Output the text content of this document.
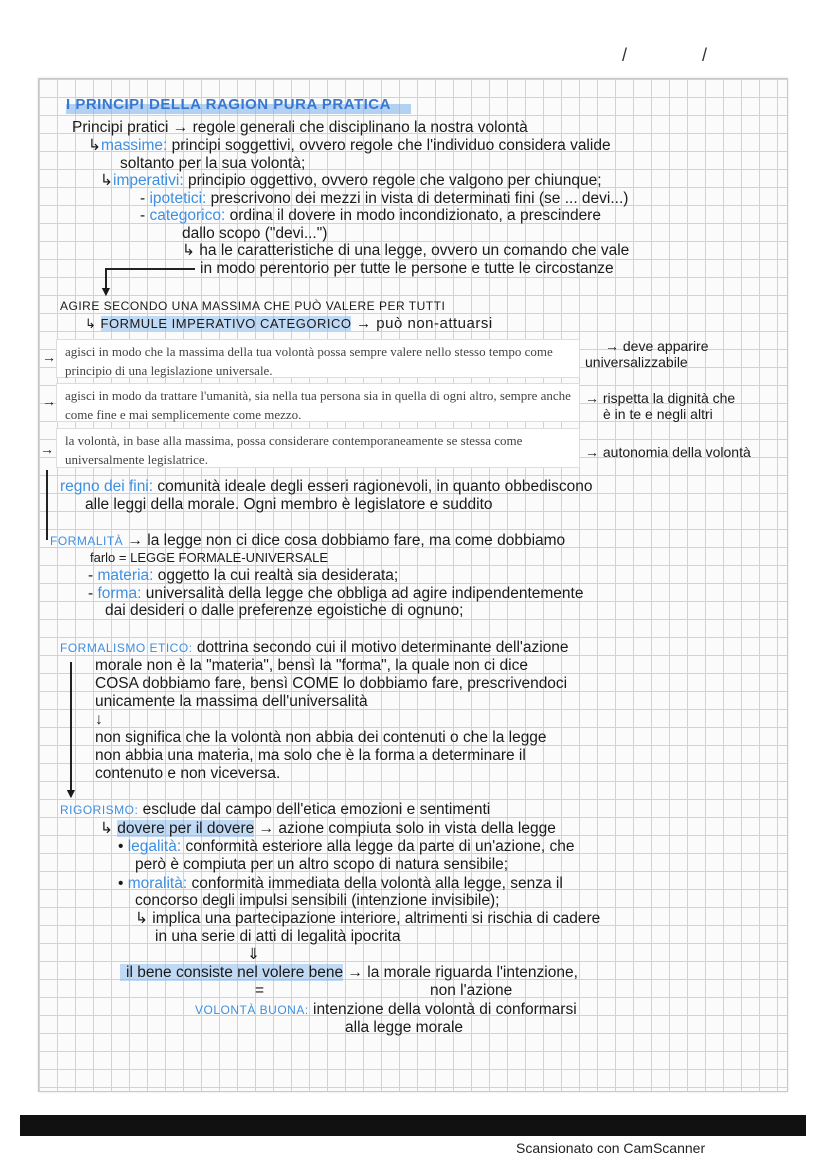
/	/
I PRINCIPI DELLA RAGION PURA PRATICA
Principi pratici → regole generali che disciplinano la nostra volontà
↳massime: principi soggettivi, ovvero regole che l'individuo considera valide
soltanto per la sua volontà;
↳imperativi: principio oggettivo, ovvero regole che valgono per chiunque;
- ipotetici: prescrivono dei mezzi in vista di determinati fini (se ... devi...)
- categorico: ordina il dovere in modo incondizionato, a prescindere
dallo scopo ("devi...")
↳ ha le caratteristiche di una legge, ovvero un comando che vale
in modo perentorio per tutte le persone e tutte le circostanze
▼
AGIRE SECONDO UNA MASSIMA CHE PUÒ VALERE PER TUTTI
↳ FORMULE IMPERATIVO CATEGORICO → può non-attuarsi
→ agisci in modo che la massima della tua volontà possa sempre valere nello stesso tempo come principio di una legislazione universale.
→ deve apparire
universalizzabile
→ agisci in modo da trattare l'umanità, sia nella tua persona sia in quella di ogni altro, sempre anche come fine e mai semplicemente come mezzo.
→ rispetta la dignità che
è in te e negli altri
→
la volontà, in base alla massima, possa considerare contemporaneamente se stessa come universalmente legislatrice.	→ autonomia della volontà
regno dei fini: comunità ideale degli esseri ragionevoli, in quanto obbediscono
alle leggi della morale. Ogni membro è legislatore e suddito
FORMALITÀ → la legge non ci dice cosa dobbiamo fare, ma come dobbiamo
farlo = LEGGE FORMALE-UNIVERSALE
- materia: oggetto la cui realtà sia desiderata;
- forma: universalità della legge che obbliga ad agire indipendentemente
dai desideri o dalle preferenze egoistiche di ognuno;
FORMALISMO ETICO: dottrina secondo cui il motivo determinante dell'azione
▼
morale non è la "materia", bensì la "forma", la quale non ci dice
COSA dobbiamo fare, bensì COME lo dobbiamo fare, prescrivendoci
unicamente la massima dell'universalità
↓
non significa che la volontà non abbia dei contenuti o che la legge
non abbia una materia, ma solo che è la forma a determinare il
contenuto e non viceversa.
RIGORISMO: esclude dal campo dell'etica emozioni e sentimenti
↳ dovere per il dovere → azione compiuta solo in vista della legge
• legalità: conformità esteriore alla legge da parte di un'azione, che
però è compiuta per un altro scopo di natura sensibile;
• moralità: conformità immediata della volontà alla legge, senza il
concorso degli impulsi sensibili (intenzione invisibile);
↳ implica una partecipazione interiore, altrimenti si rischia di cadere
in una serie di atti di legalità ipocrita
⇓
il bene consiste nel volere bene → la morale riguarda l'intenzione,
=	non l'azione
VOLONTÀ BUONA: intenzione della volontà di conformarsi
alla legge morale
Scansionato con CamScanner
